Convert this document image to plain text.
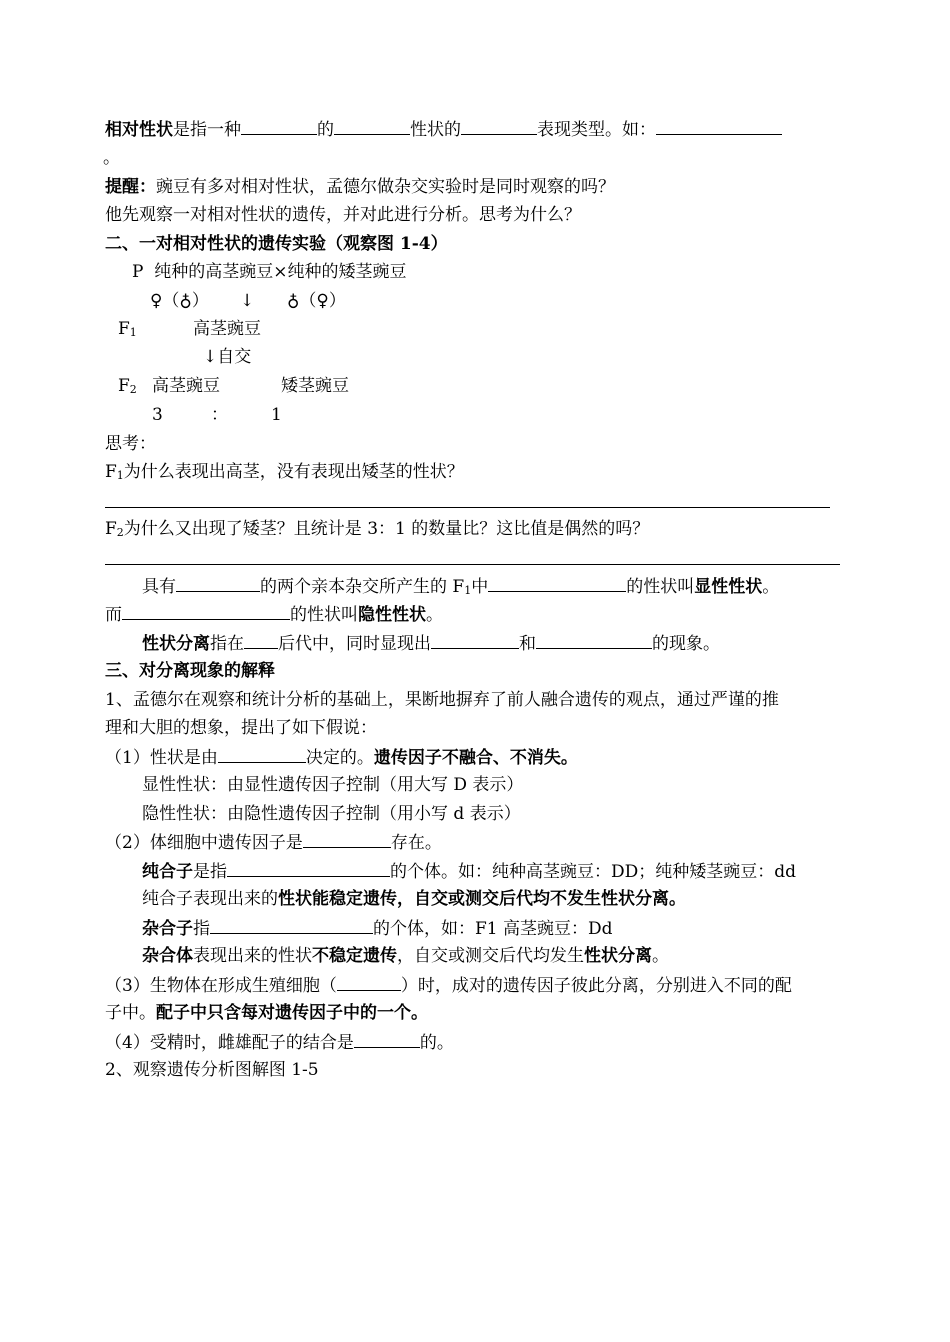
相对性状是指一种	的	性状的	表现类型。如：
。
提醒：豌豆有多对相对性状，孟德尔做杂交实验时是同时观察的吗？
他先观察一对相对性状的遗传，并对此进行分析。思考为什么？
二、一对相对性状的遗传实验（观察图 1-4）
P 纯种的高茎豌豆×纯种的矮茎豌豆
♀（♁） ↓ ♁（♀）
$F_1$	高茎豌豆
↓自交
$F_2$ 高茎豌豆	矮茎豌豆
3	：	1
思考：
$F_1$为什么表现出高茎，没有表现出矮茎的性状？
$F_2$为什么又出现了矮茎？且统计是 3：1 的数量比？这比值是偶然的吗？
具有	的两个亲本杂交所产生的 $F_1$中	的性状叫显性性状。
而	的性状叫隐性性状。
性状分离指在 后代中，同时显现出	和	的现象。
三、对分离现象的解释
1、孟德尔在观察和统计分析的基础上，果断地摒弃了前人融合遗传的观点，通过严谨的推
理和大胆的想象，提出了如下假说：
（1）性状是由	决定的。遗传因子不融合、不消失。
显性性状：由显性遗传因子控制（用大写 D 表示）
隐性性状：由隐性遗传因子控制（用小写 d 表示）
（2）体细胞中遗传因子是	存在。
纯合子是指	的个体。如：纯种高茎豌豆：DD；纯种矮茎豌豆：dd
纯合子表现出来的性状能稳定遗传，自交或测交后代均不发生性状分离。
杂合子指	的个体，如：F1 高茎豌豆：Dd
杂合体表现出来的性状不稳定遗传，自交或测交后代均发生性状分离。
（3）生物体在形成生殖细胞（	）时，成对的遗传因子彼此分离，分别进入不同的配
子中。配子中只含每对遗传因子中的一个。
（4）受精时，雌雄配子的结合是	的。
2、观察遗传分析图解图 1-5
